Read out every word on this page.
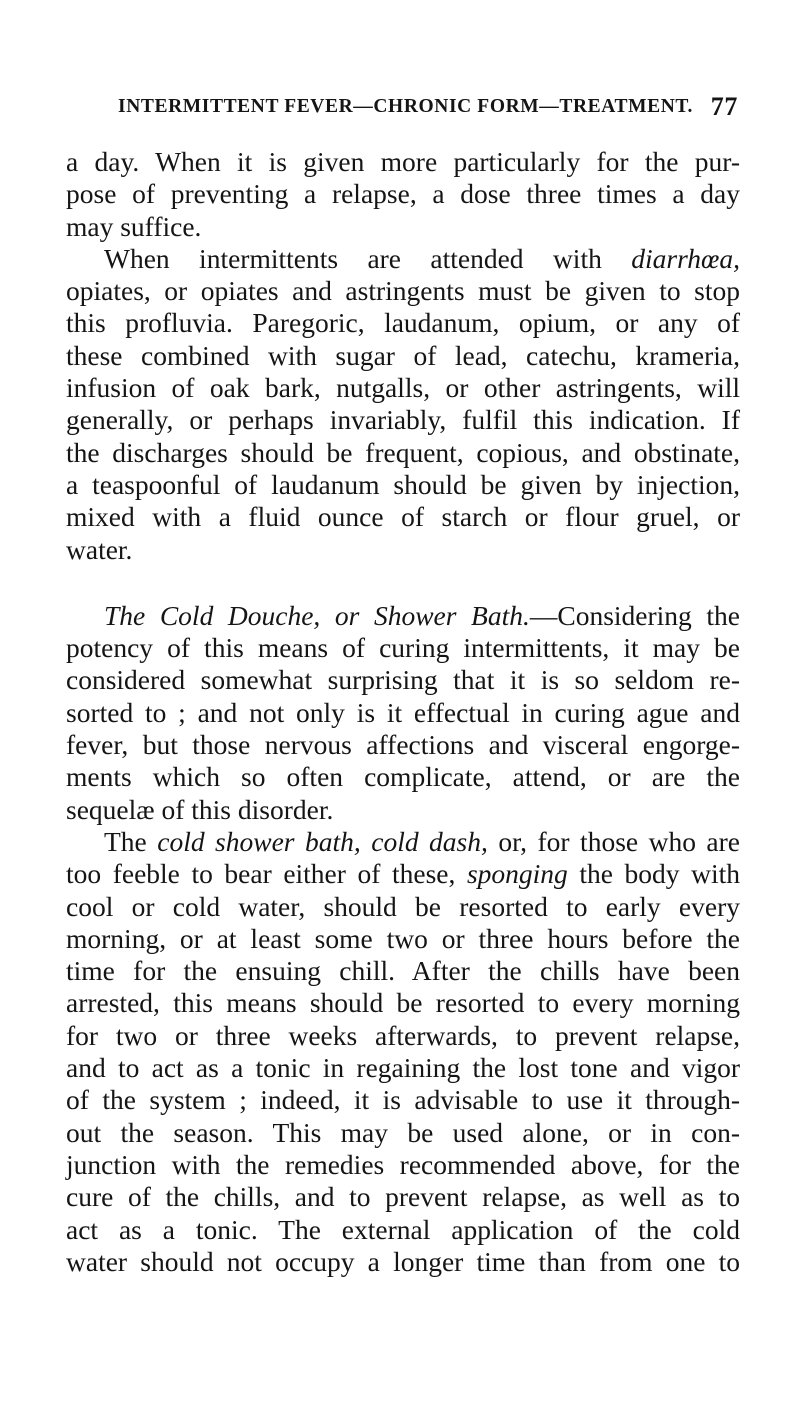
INTERMITTENT FEVER—CHRONIC FORM—TREATMENT. 77
a day. When it is given more particularly for the pur-
pose of preventing a relapse, a dose three times a day
may suffice.
When intermittents are attended with diarrhœa,
opiates, or opiates and astringents must be given to stop
this profluvia. Paregoric, laudanum, opium, or any of
these combined with sugar of lead, catechu, krameria,
infusion of oak bark, nutgalls, or other astringents, will
generally, or perhaps invariably, fulfil this indication. If
the discharges should be frequent, copious, and obstinate,
a teaspoonful of laudanum should be given by injection,
mixed with a fluid ounce of starch or flour gruel, or
water.
The Cold Douche, or Shower Bath.—Considering the
potency of this means of curing intermittents, it may be
considered somewhat surprising that it is so seldom re-
sorted to ; and not only is it effectual in curing ague and
fever, but those nervous affections and visceral engorge-
ments which so often complicate, attend, or are the
sequelæ of this disorder.
The cold shower bath, cold dash, or, for those who are
too feeble to bear either of these, sponging the body with
cool or cold water, should be resorted to early every
morning, or at least some two or three hours before the
time for the ensuing chill. After the chills have been
arrested, this means should be resorted to every morning
for two or three weeks afterwards, to prevent relapse,
and to act as a tonic in regaining the lost tone and vigor
of the system ; indeed, it is advisable to use it through-
out the season. This may be used alone, or in con-
junction with the remedies recommended above, for the
cure of the chills, and to prevent relapse, as well as to
act as a tonic. The external application of the cold
water should not occupy a longer time than from one to
